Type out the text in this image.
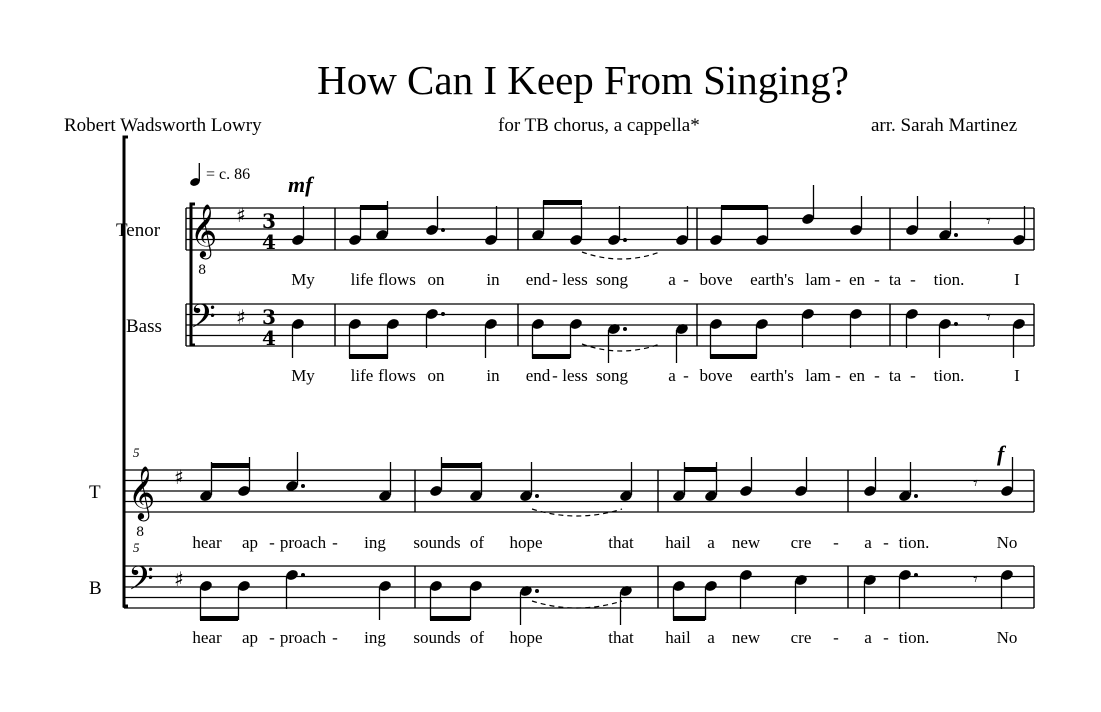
How Can I Keep From Singing?
Robert Wadsworth Lowry	for TB chorus, a cappella*	arr. Sarah Martinez
= c. 86 mf
f
Tenor
Bass
T
B
5
5
𝄞
8
♯ 3
4
𝄢 ♯ 3
4
𝄞
8
♯
𝄢 ♯
𝄾
𝄾
𝄾
𝄾
My life flows on in end - less song a - bove earth's lam - en - ta - tion.	I
My life flows on in end - less song a - bove earth's lam - en - ta - tion.	I
hear ap - proach - ing sounds of hope	that hail a new cre - a - tion.	No
hear ap - proach - ing sounds of hope	that hail a new cre - a - tion.	No
